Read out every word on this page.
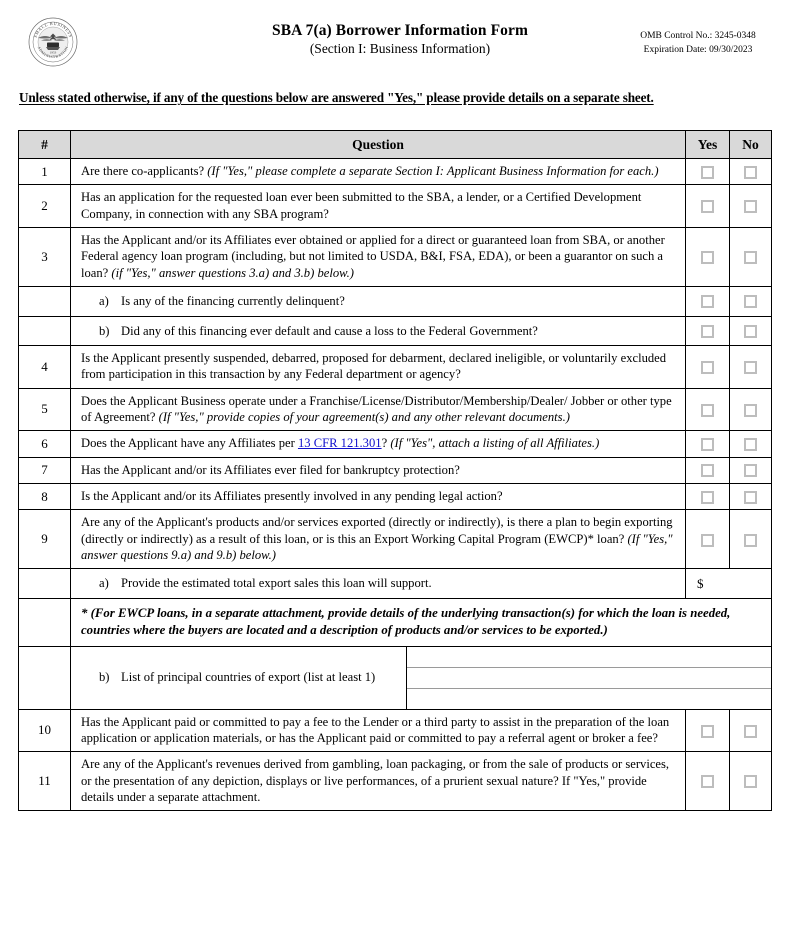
SMALL BUSINESS
ADMINISTRATION
1953
SBA 7(a) Borrower Information Form
(Section I: Business Information)
OMB Control No.: 3245-0348
Expiration Date: 09/30/2023
Unless stated otherwise, if any of the questions below are answered "Yes," please provide details on a separate sheet.
#	Question	Yes	No
1	Are there co-applicants? (If "Yes," please complete a separate Section I: Applicant Business Information for each.)		
2	Has an application for the requested loan ever been submitted to the SBA, a lender, or a Certified Development Company, in connection with any SBA program?		
3	Has the Applicant and/or its Affiliates ever obtained or applied for a direct or guaranteed loan from SBA, or another Federal agency loan program (including, but not limited to USDA, B&I, FSA, EDA), or been a guarantor on such a loan? (if "Yes," answer questions 3.a) and 3.b) below.)		
	a) Is any of the financing currently delinquent?		
	b) Did any of this financing ever default and cause a loss to the Federal Government?		
4	Is the Applicant presently suspended, debarred, proposed for debarment, declared ineligible, or voluntarily excluded from participation in this transaction by any Federal department or agency?		
5	Does the Applicant Business operate under a Franchise/License/Distributor/Membership/Dealer/ Jobber or other type of Agreement? (If "Yes," provide copies of your agreement(s) and any other relevant documents.)		
6	Does the Applicant have any Affiliates per 13 CFR 121.301? (If "Yes", attach a listing of all Affiliates.)		
7	Has the Applicant and/or its Affiliates ever filed for bankruptcy protection?		
8	Is the Applicant and/or its Affiliates presently involved in any pending legal action?		
9	Are any of the Applicant's products and/or services exported (directly or indirectly), is there a plan to begin exporting (directly or indirectly) as a result of this loan, or is this an Export Working Capital Program (EWCP)* loan? (If "Yes," answer questions 9.a) and 9.b) below.)		
	a) Provide the estimated total export sales this loan will support.	$	
	* (For EWCP loans, in a separate attachment, provide details of the underlying transaction(s) for which the loan is needed, countries where the buyers are located and a description of products and/or services to be exported.)		

	b) List of principal countries of export (list at least 1)		

10	Has the Applicant paid or committed to pay a fee to the Lender or a third party to assist in the preparation of the loan application or application materials, or has the Applicant paid or committed to pay a referral agent or broker a fee?		
11	Are any of the Applicant's revenues derived from gambling, loan packaging, or from the sale of products or services, or the presentation of any depiction, displays or live performances, of a prurient sexual nature? If "Yes," provide details under a separate attachment.		
